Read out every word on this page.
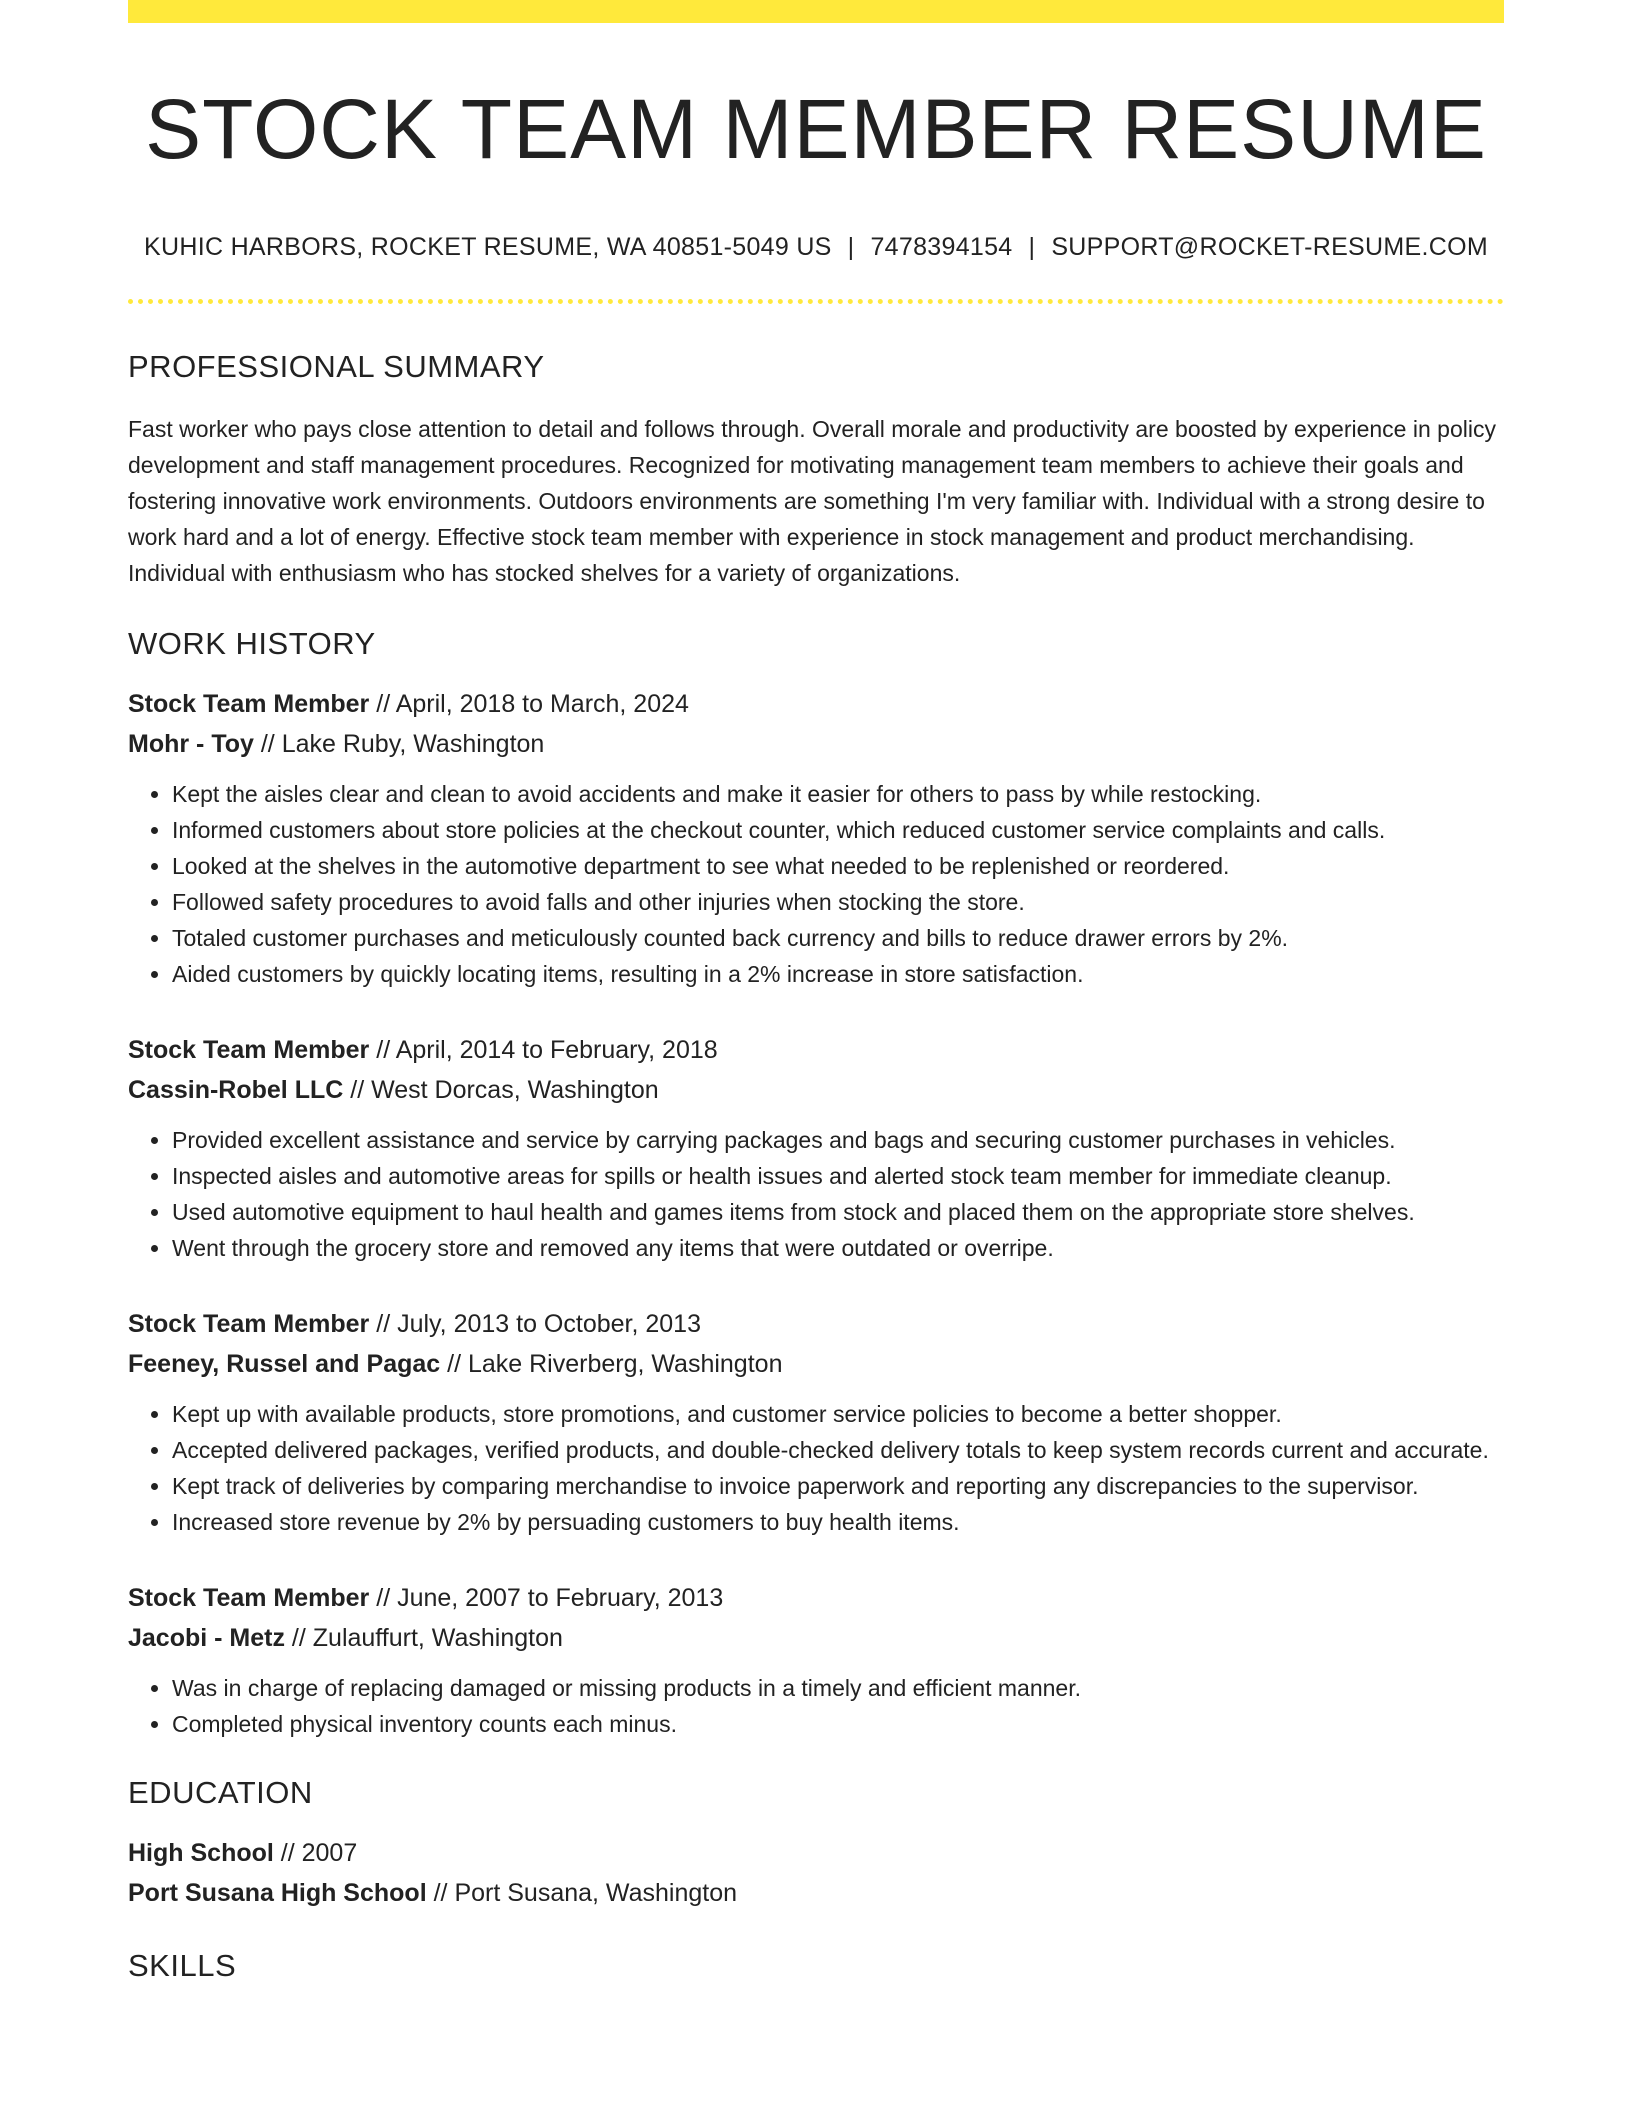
STOCK TEAM MEMBER RESUME
KUHIC HARBORS, ROCKET RESUME, WA 40851-5049 US | 7478394154 | SUPPORT@ROCKET-RESUME.COM
PROFESSIONAL SUMMARY

Fast worker who pays close attention to detail and follows through. Overall morale and productivity are boosted by experience in policy development and staff management procedures. Recognized for motivating management team members to achieve their goals and fostering innovative work environments. Outdoors environments are something I'm very familiar with. Individual with a strong desire to work hard and a lot of energy. Effective stock team member with experience in stock management and product merchandising. Individual with enthusiasm who has stocked shelves for a variety of organizations.

WORK HISTORY
Stock Team Member // April, 2018 to March, 2024
Mohr - Toy // Lake Ruby, Washington
• Kept the aisles clear and clean to avoid accidents and make it easier for others to pass by while restocking.
• Informed customers about store policies at the checkout counter, which reduced customer service complaints and calls.
• Looked at the shelves in the automotive department to see what needed to be replenished or reordered.
• Followed safety procedures to avoid falls and other injuries when stocking the store.
• Totaled customer purchases and meticulously counted back currency and bills to reduce drawer errors by 2%.
• Aided customers by quickly locating items, resulting in a 2% increase in store satisfaction.
Stock Team Member // April, 2014 to February, 2018
Cassin-Robel LLC // West Dorcas, Washington
• Provided excellent assistance and service by carrying packages and bags and securing customer purchases in vehicles.
• Inspected aisles and automotive areas for spills or health issues and alerted stock team member for immediate cleanup.
• Used automotive equipment to haul health and games items from stock and placed them on the appropriate store shelves.
• Went through the grocery store and removed any items that were outdated or overripe.
Stock Team Member // July, 2013 to October, 2013
Feeney, Russel and Pagac // Lake Riverberg, Washington
• Kept up with available products, store promotions, and customer service policies to become a better shopper.
• Accepted delivered packages, verified products, and double-checked delivery totals to keep system records current and accurate.
• Kept track of deliveries by comparing merchandise to invoice paperwork and reporting any discrepancies to the supervisor.
• Increased store revenue by 2% by persuading customers to buy health items.
Stock Team Member // June, 2007 to February, 2013
Jacobi - Metz // Zulauffurt, Washington
• Was in charge of replacing damaged or missing products in a timely and efficient manner.
• Completed physical inventory counts each minus.
EDUCATION
High School // 2007
Port Susana High School // Port Susana, Washington
SKILLS
